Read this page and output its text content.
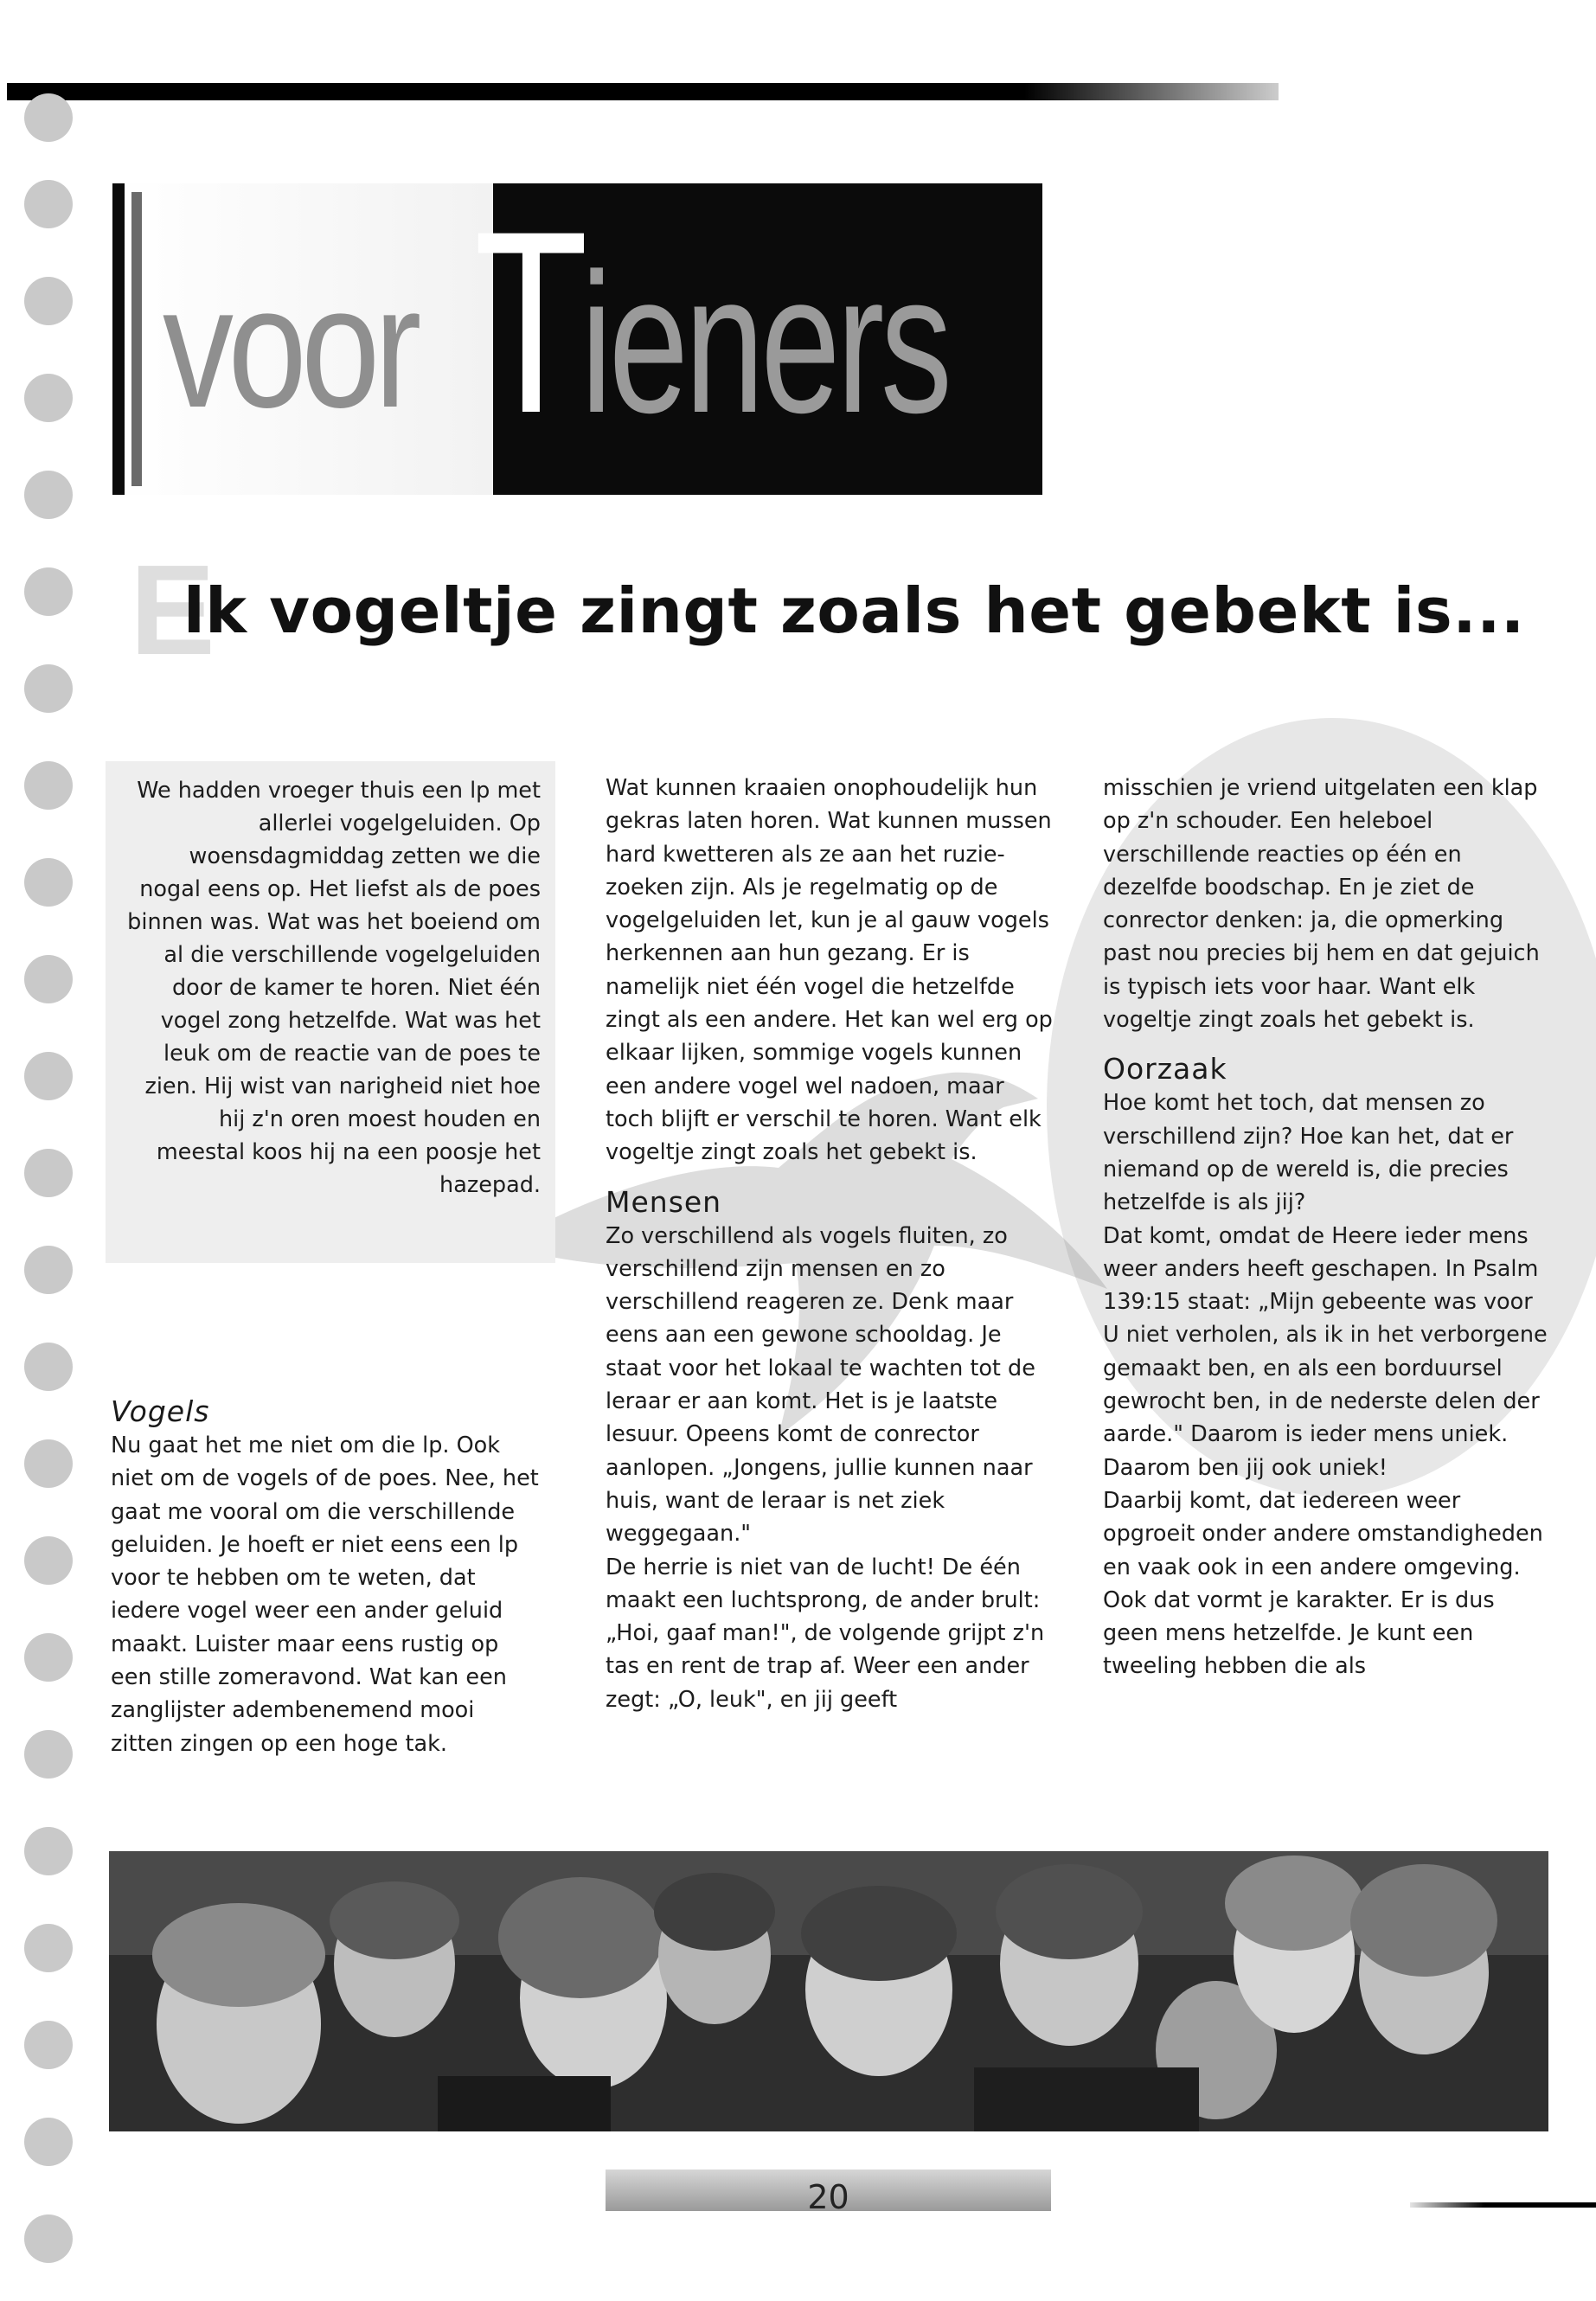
voor Tieners
E
lk vogeltje zingt zoals het gebekt is...

We hadden vroeger thuis een lp met allerlei vogelgeluiden. Op woensdagmiddag zetten we die nogal eens op. Het liefst als de poes binnen was. Wat was het boeiend om al die verschillende vogelgeluiden door de kamer te horen. Niet één vogel zong hetzelfde. Wat was het leuk om de reactie van de poes te zien. Hij wist van narigheid niet hoe hij z'n oren moest houden en meestal koos hij na een poosje het hazepad.

Vogels

Nu gaat het me niet om die lp. Ook niet om de vogels of de poes. Nee, het gaat me vooral om die verschillende geluiden. Je hoeft er niet eens een lp voor te hebben om te weten, dat iedere vogel weer een ander geluid maakt. Luister maar eens rustig op een stille zomeravond. Wat kan een zanglijster adembenemend mooi zitten zingen op een hoge tak.

Wat kunnen kraaien onophoudelijk hun gekras laten horen. Wat kunnen mussen hard kwetteren als ze aan het ruzie-zoeken zijn. Als je regelmatig op de vogelgeluiden let, kun je al gauw vogels herkennen aan hun gezang. Er is namelijk niet één vogel die hetzelfde zingt als een andere. Het kan wel erg op elkaar lijken, sommige vogels kunnen een andere vogel wel nadoen, maar toch blijft er verschil te horen. Want elk vogeltje zingt zoals het gebekt is.

Mensen

Zo verschillend als vogels fluiten, zo verschillend zijn mensen en zo verschillend reageren ze. Denk maar eens aan een gewone schooldag. Je staat voor het lokaal te wachten tot de leraar er aan komt. Het is je laatste lesuur. Opeens komt de conrector aanlopen. „Jongens, jullie kunnen naar huis, want de leraar is net ziek weggegaan."

De herrie is niet van de lucht! De één maakt een luchtsprong, de ander brult: „Hoi, gaaf man!", de volgende grijpt z'n tas en rent de trap af. Weer een ander zegt: „O, leuk", en jij geeft

misschien je vriend uitgelaten een klap op z'n schouder. Een heleboel verschillende reacties op één en dezelfde boodschap. En je ziet de conrector denken: ja, die opmerking past nou precies bij hem en dat gejuich is typisch iets voor haar. Want elk vogeltje zingt zoals het gebekt is.

Oorzaak

Hoe komt het toch, dat mensen zo verschillend zijn? Hoe kan het, dat er niemand op de wereld is, die precies hetzelfde is als jij?

Dat komt, omdat de Heere ieder mens weer anders heeft geschapen. In Psalm 139:15 staat: „Mijn gebeente was voor U niet verholen, als ik in het verborgene gemaakt ben, en als een borduursel gewrocht ben, in de nederste delen der aarde." Daarom is ieder mens uniek. Daarom ben jij ook uniek!

Daarbij komt, dat iedereen weer opgroeit onder andere omstandigheden en vaak ook in een andere omgeving. Ook dat vormt je karakter. Er is dus geen mens hetzelfde. Je kunt een tweeling hebben die als

20
